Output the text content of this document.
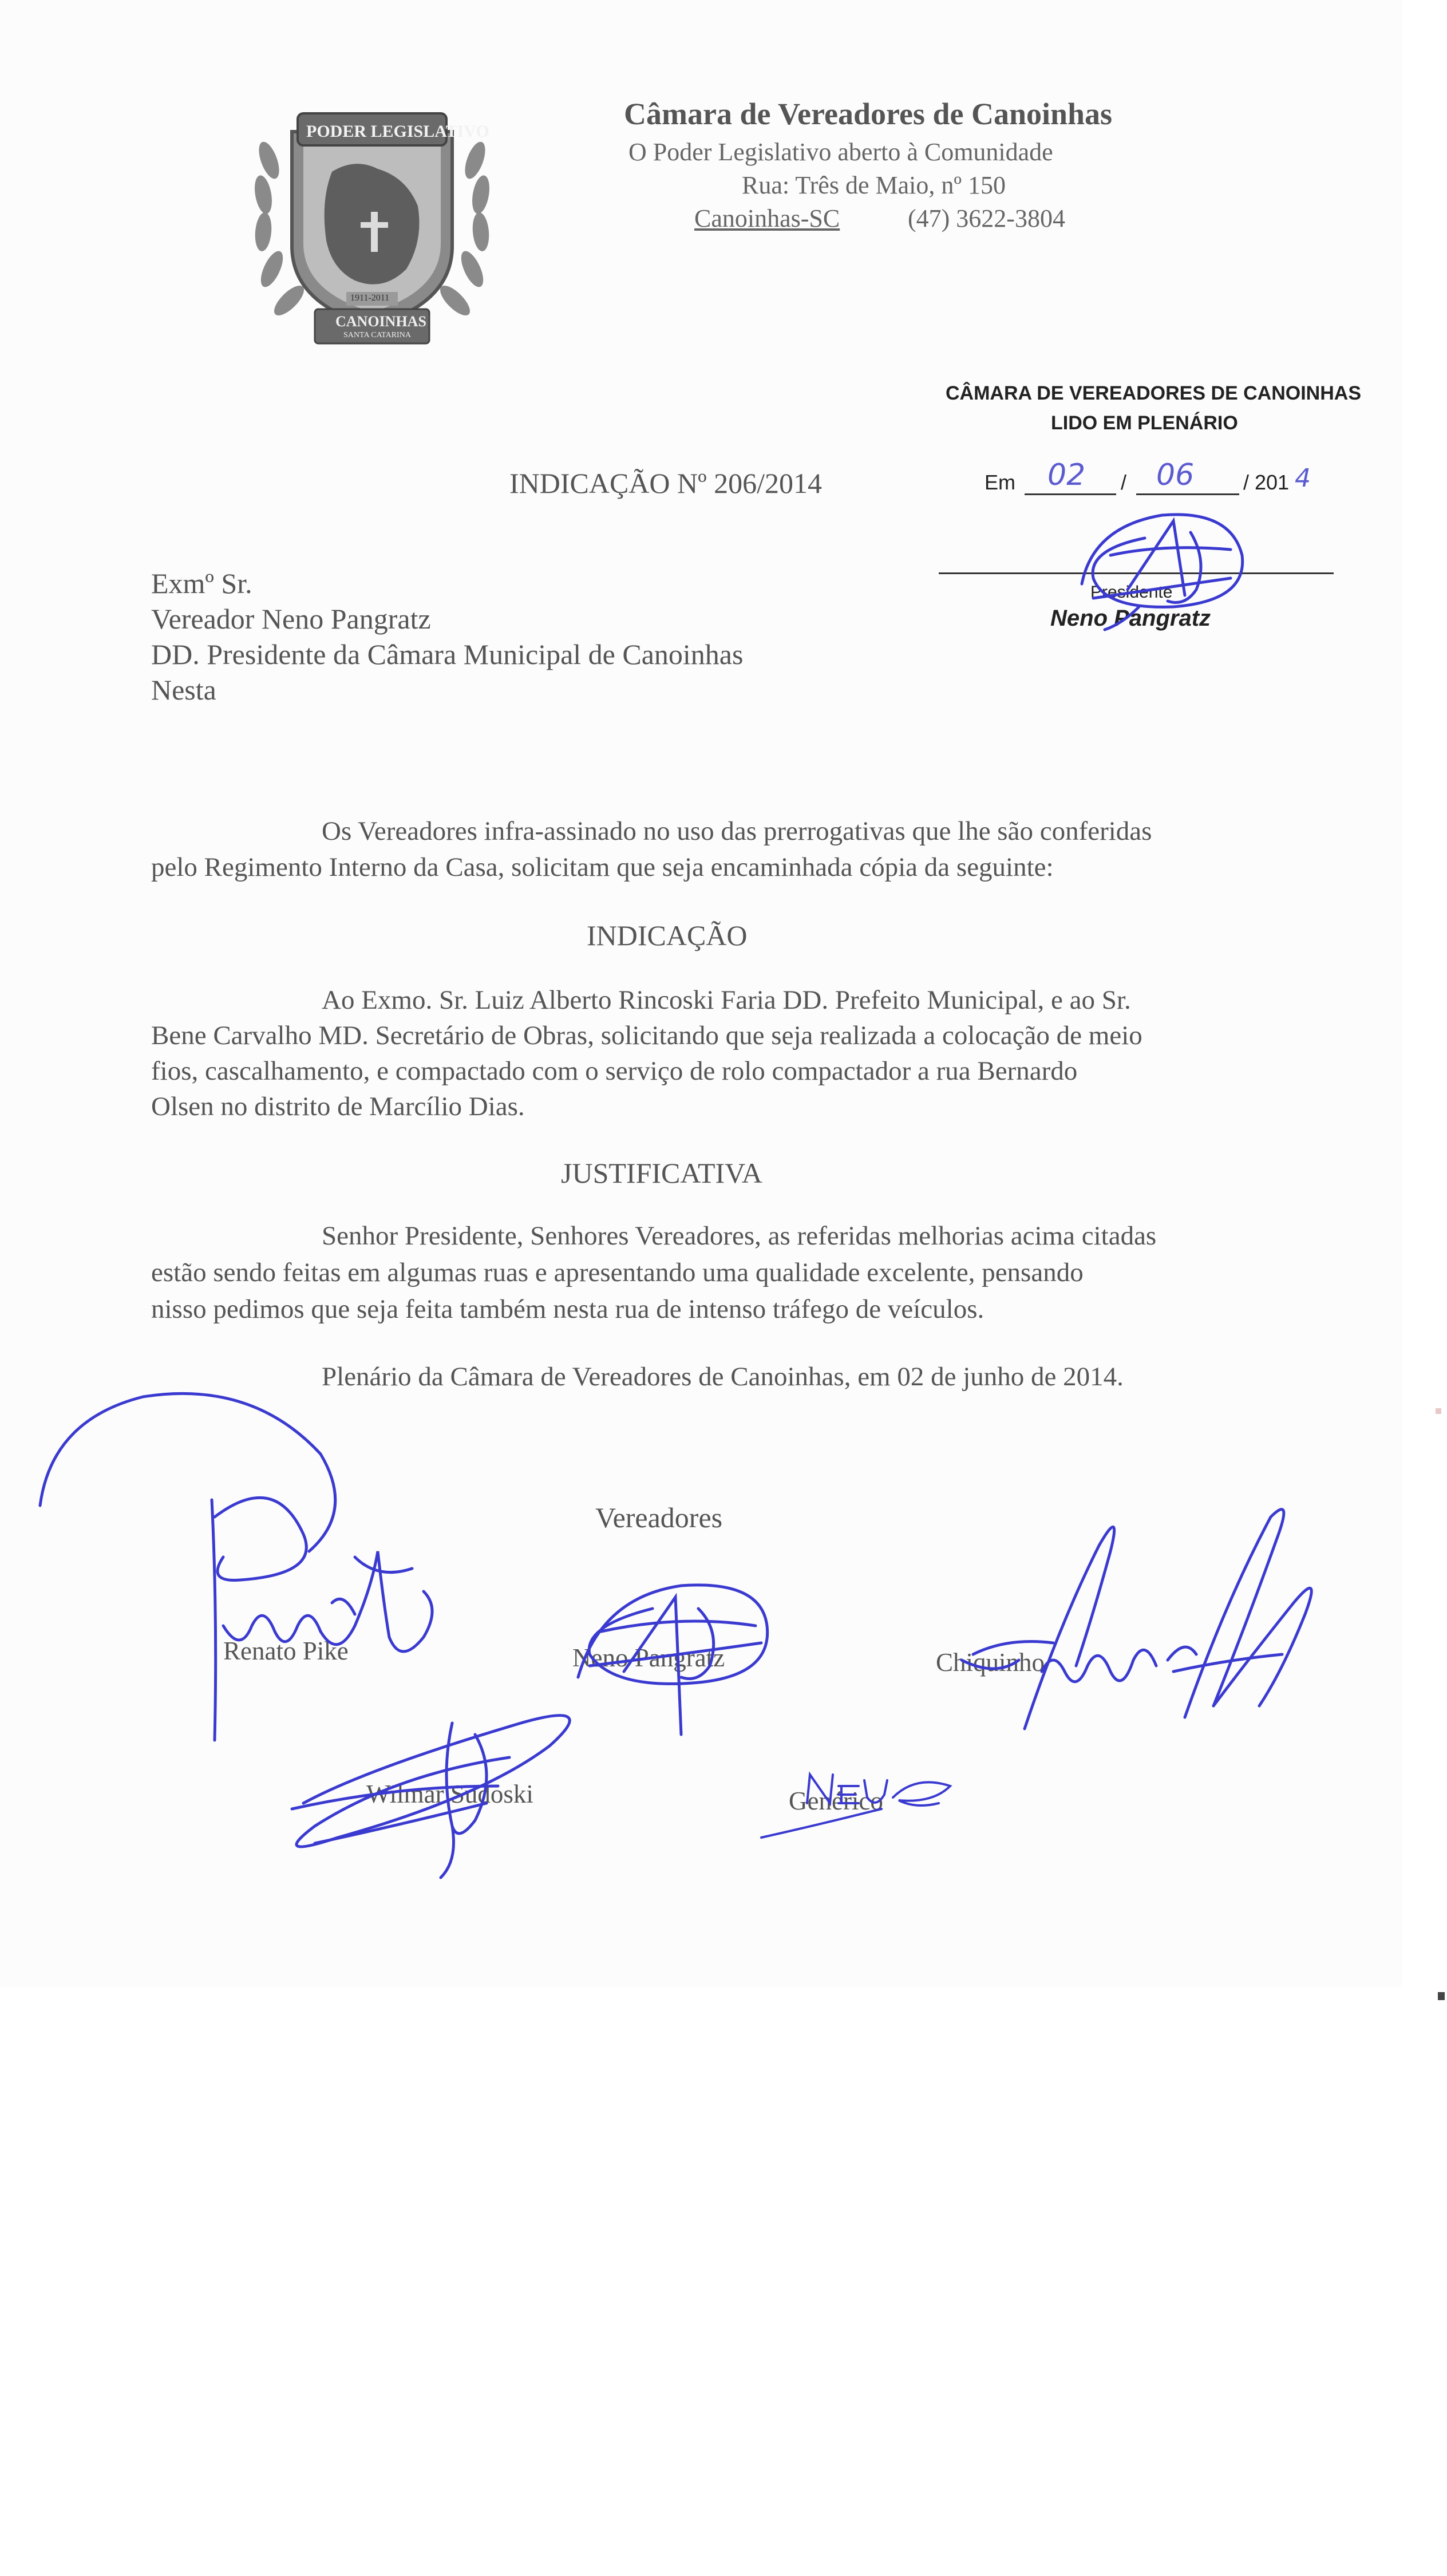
PODER LEGISLATIVO
1911-2011
CANOINHAS
SANTA CATARINA
Câmara de Vereadores de Canoinhas
O Poder Legislativo aberto à Comunidade
Rua: Três de Maio, nº 150
Canoinhas-SC	(47) 3622-3804
CÂMARA DE VEREADORES DE CANOINHAS
LIDO EM PLENÁRIO
Em 02 / 06 / 201 4
Presidente
Neno Pangratz
INDICAÇÃO Nº 206/2014
Exmº Sr.
Vereador Neno Pangratz
DD. Presidente da Câmara Municipal de Canoinhas
Nesta
Os Vereadores infra-assinado no uso das prerrogativas que lhe são conferidas
pelo Regimento Interno da Casa, solicitam que seja encaminhada cópia da seguinte:
INDICAÇÃO
Ao Exmo. Sr. Luiz Alberto Rincoski Faria DD. Prefeito Municipal, e ao Sr.
Bene Carvalho MD. Secretário de Obras, solicitando que seja realizada a colocação de meio
fios, cascalhamento, e compactado com o serviço de rolo compactador a rua Bernardo
Olsen no distrito de Marcílio Dias.
JUSTIFICATIVA
Senhor Presidente, Senhores Vereadores, as referidas melhorias acima citadas
estão sendo feitas em algumas ruas e apresentando uma qualidade excelente, pensando
nisso pedimos que seja feita também nesta rua de intenso tráfego de veículos.
Plenário da Câmara de Vereadores de Canoinhas, em 02 de junho de 2014.
Vereadores
Renato Pike	Neno Pangratz	Chiquinho
Wilmar Sudoski	Genérico
